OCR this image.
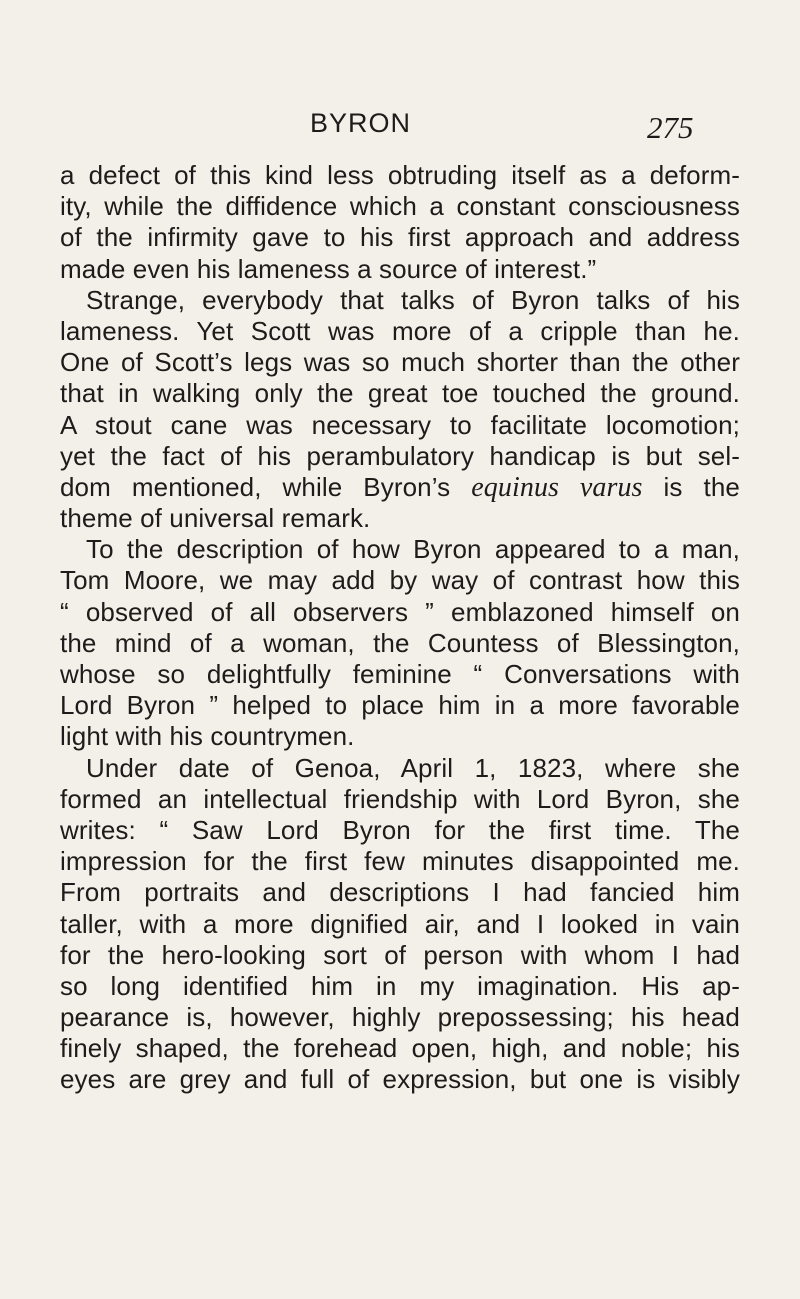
BYRON	275
a defect of this kind less obtruding itself as a deform-
ity, while the diffidence which a constant consciousness
of the infirmity gave to his first approach and address
made even his lameness a source of interest.”
Strange, everybody that talks of Byron talks of his
lameness. Yet Scott was more of a cripple than he.
One of Scott’s legs was so much shorter than the other
that in walking only the great toe touched the ground.
A stout cane was necessary to facilitate locomotion;
yet the fact of his perambulatory handicap is but sel-
dom mentioned, while Byron’s equinus varus is the
theme of universal remark.
To the description of how Byron appeared to a man,
Tom Moore, we may add by way of contrast how this
“ observed of all observers ” emblazoned himself on
the mind of a woman, the Countess of Blessington,
whose so delightfully feminine “ Conversations with
Lord Byron ” helped to place him in a more favorable
light with his countrymen.
Under date of Genoa, April 1, 1823, where she
formed an intellectual friendship with Lord Byron, she
writes: “ Saw Lord Byron for the first time. The
impression for the first few minutes disappointed me.
From portraits and descriptions I had fancied him
taller, with a more dignified air, and I looked in vain
for the hero-looking sort of person with whom I had
so long identified him in my imagination. His ap-
pearance is, however, highly prepossessing; his head
finely shaped, the forehead open, high, and noble; his
eyes are grey and full of expression, but one is visibly
